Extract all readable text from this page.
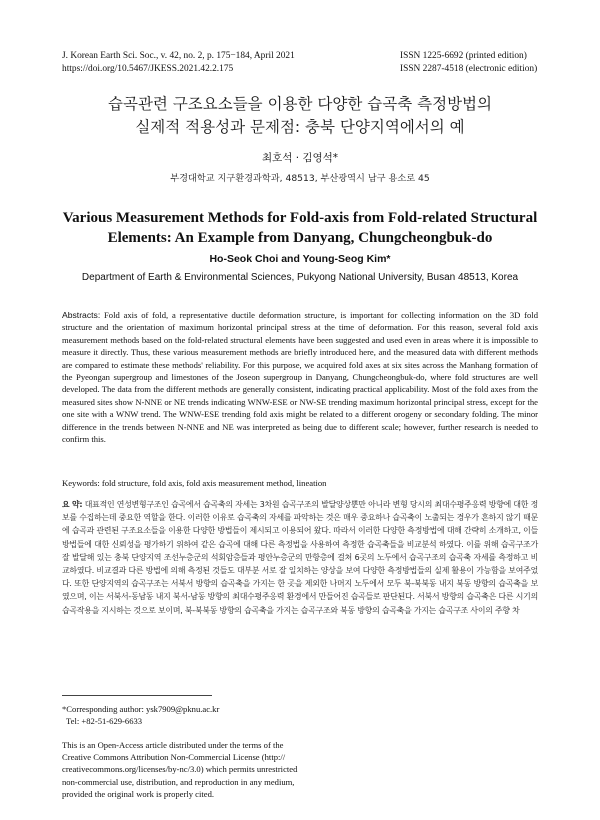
J. Korean Earth Sci. Soc., v. 42, no. 2, p. 175−184, April 2021
https://doi.org/10.5467/JKESS.2021.42.2.175
ISSN 1225-6692 (printed edition)
ISSN 2287-4518 (electronic edition)
습곡관련 구조요소들을 이용한 다양한 습곡축 측정방법의
실제적 적용성과 문제점: 충북 단양지역에서의 예
최호석 · 김영석*
부경대학교 지구환경과학과, 48513, 부산광역시 남구 용소로 45
Various Measurement Methods for Fold-axis from Fold-related Structural
Elements: An Example from Danyang, Chungcheongbuk-do
Ho-Seok Choi and Young-Seog Kim*
Department of Earth & Environmental Sciences, Pukyong National University, Busan 48513, Korea
Abstracts: Fold axis of fold, a representative ductile deformation structure, is important for collecting information on the 3D fold structure and the orientation of maximum horizontal principal stress at the time of deformation. For this reason, several fold axis measurement methods based on the fold-related structural elements have been suggested and used even in areas where it is impossible to measure it directly. Thus, these various measurement methods are briefly introduced here, and the measured data with different methods are compared to estimate these methods' reliability. For this purpose, we acquired fold axes at six sites across the Manhang formation of the Pyeongan supergroup and limestones of the Joseon supergroup in Danyang, Chungcheongbuk-do, where fold structures are well developed. The data from the different methods are generally consistent, indicating practical applicability. Most of the fold axes from the measured sites show N-NNE or NE trends indicating WNW-ESE or NW-SE trending maximum horizontal principal stress, except for the one site with a WNW trend. The WNW-ESE trending fold axis might be related to a different orogeny or secondary folding. The minor difference in the trends between N-NNE and NE was interpreted as being due to different scale; however, further research is needed to confirm this.
Keywords: fold structure, fold axis, fold axis measurement method, lineation
요 약: 대표적인 연성변형구조인 습곡에서 습곡축의 자세는 3차원 습곡구조의 발달양상뿐만 아니라 변형 당시의 최대수평주응력 방향에 대한 정보를 수집하는데 중요한 역할을 한다. 이러한 이유로 습곡축의 자세를 파악하는 것은 매우 중요하나 습곡축이 노출되는 경우가 흔하지 않기 때문에 습곡과 관련된 구조요소들을 이용한 다양한 방법들이 제시되고 이용되어 왔다. 따라서 이러한 다양한 측정방법에 대해 간략히 소개하고, 이들 방법들에 대한 신뢰성을 평가하기 위하여 같은 습곡에 대해 다른 측정법을 사용하여 측정한 습곡축들을 비교분석 하였다. 이를 위해 습곡구조가 잘 발달해 있는 충북 단양지역 조선누층군의 석회암층들과 평안누층군의 만항층에 걸쳐 6곳의 노두에서 습곡구조의 습곡축 자세를 측정하고 비교하였다. 비교결과 다른 방법에 의해 측정된 것들도 대부분 서로 잘 일치하는 양상을 보여 다양한 측정방법들의 실제 활용이 가능함을 보여주었다. 또한 단양지역의 습곡구조는 서북서 방향의 습곡축을 가지는 한 곳을 제외한 나머지 노두에서 모두 북-북북동 내지 북동 방향의 습곡축을 보였으며, 이는 서북서-동남동 내지 북서-남동 방향의 최대수평주응력 환경에서 만들어진 습곡들로 판단된다. 서북서 방향의 습곡축은 다른 시기의 습곡작용을 지시하는 것으로 보이며, 북-북북동 방향의 습곡축을 가지는 습곡구조와 북동 방향의 습곡축을 가지는 습곡구조 사이의 주향 차
*Corresponding author: ysk7909@pknu.ac.kr
Tel: +82-51-629-6633
This is an Open-Access article distributed under the terms of the
Creative Commons Attribution Non-Commercial License (http://
creativecommons.org/licenses/by-nc/3.0) which permits unrestricted
non-commercial use, distribution, and reproduction in any medium,
provided the original work is properly cited.
